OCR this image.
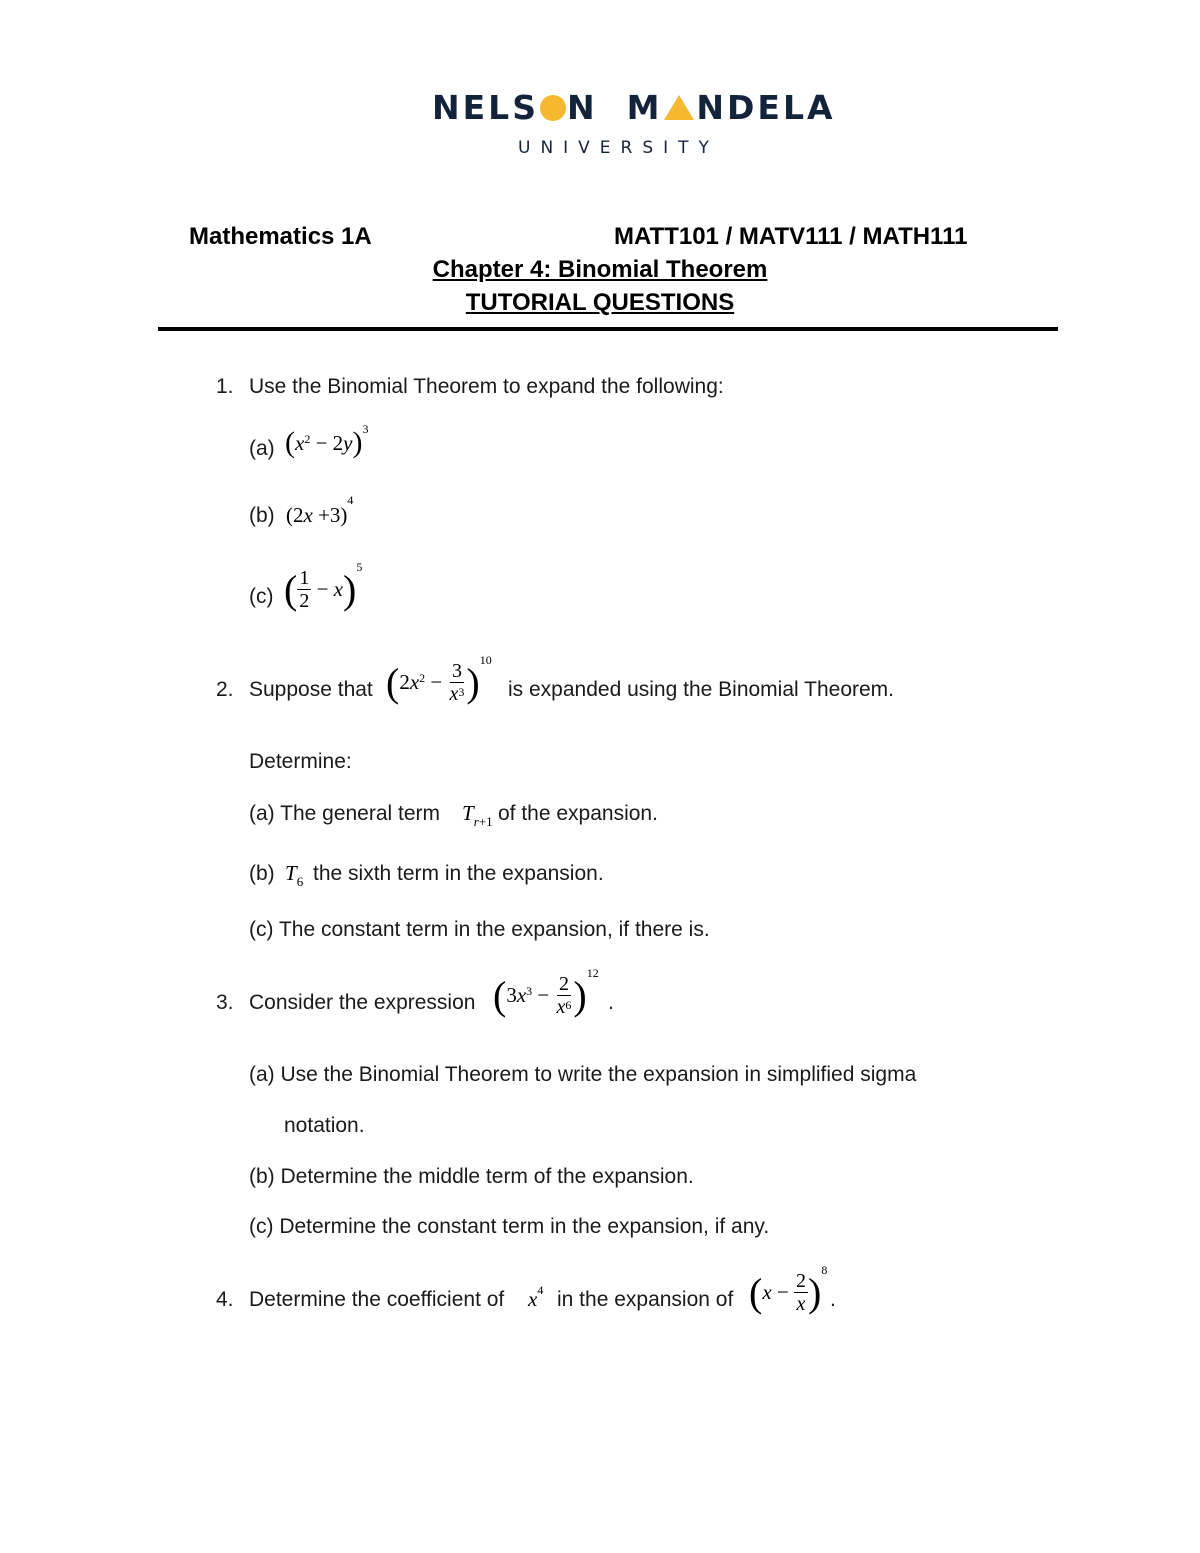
NELS N M NDELA
UNIVERSITY
Mathematics 1A	MATT101 / MATV111 / MATH111
Chapter 4: Binomial Theorem
TUTORIAL QUESTIONS
1. Use the Binomial Theorem to expand the following:
(a) ( x 2 − 2 y ) 3
(b) $(2x +3)^4$
(c) ( $\frac{1}{2} - x$ ) 5
2. Suppose that ( 2 x $2 - \frac{3}{x^3}$ ) 10
is expanded using the Binomial Theorem.
Determine:
(a) The general term $T_{r+1}$ of the expansion.
(b) $T_6$ the sixth term in the expansion.
(c) The constant term in the expansion, if there is.
3. Consider the expression ( 3 x $3 - \frac{2}{x^6}$ ) 12
.
(a) Use the Binomial Theorem to write the expansion in simplified sigma
notation.
(b) Determine the middle term of the expansion.
(c) Determine the constant term in the expansion, if any.
4. Determine the coefficient of $x^4$ in the expansion of ( $x - \frac{2}{x}$ ) 8
.
